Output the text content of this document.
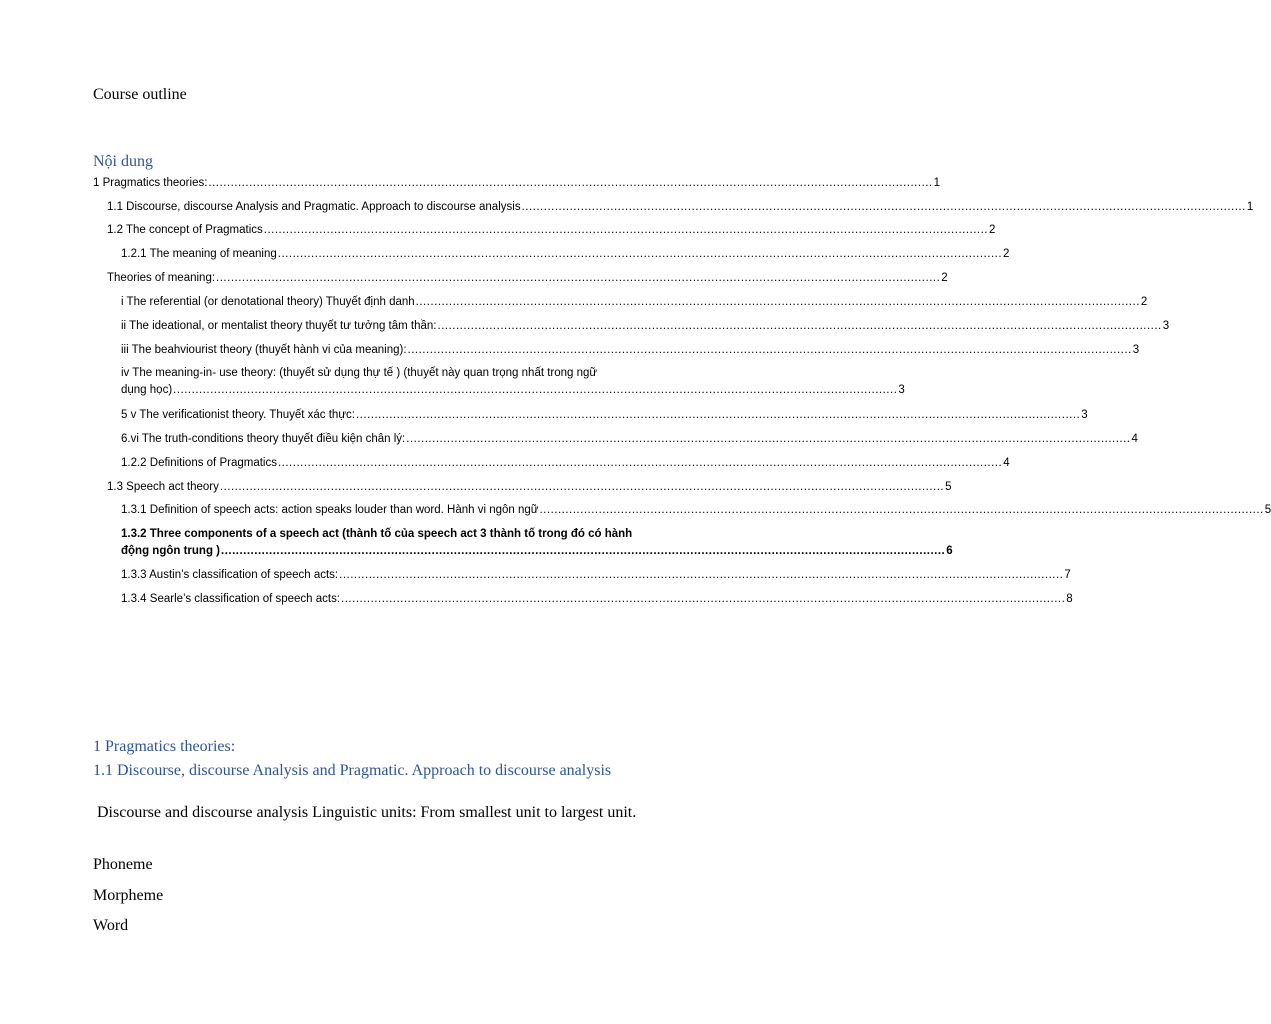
Course outline
Nội dung
1 Pragmatics theories: .................................................................................................................................................................................................... 1
1.1 Discourse, discourse Analysis and Pragmatic. Approach to discourse analysis .................................................................................................................................................................................................... 1
1.2 The concept of Pragmatics .................................................................................................................................................................................................... 2
1.2.1 The meaning of meaning .................................................................................................................................................................................................... 2
Theories of meaning: .................................................................................................................................................................................................... 2
i The referential (or denotational theory) Thuyết định danh .................................................................................................................................................................................................... 2
ii The ideational, or mentalist theory thuyết tư tưởng tâm thần: .................................................................................................................................................................................................... 3
iii The beahviourist theory (thuyết hành vi của meaning): .................................................................................................................................................................................................... 3
iv The meaning-in- use theory: (thuyết sử dụng thự tế ) (thuyết này quan trọng nhất trong ngữ
dụng học) .................................................................................................................................................................................................... 3
5 v The verificationist theory. Thuyết xác thực: .................................................................................................................................................................................................... 3
6.vi The truth-conditions theory thuyết điều kiện chân lý: .................................................................................................................................................................................................... 4
1.2.2 Definitions of Pragmatics .................................................................................................................................................................................................... 4
1.3 Speech act theory .................................................................................................................................................................................................... 5
1.3.1 Definition of speech acts: action speaks louder than word. Hành vi ngôn ngữ .................................................................................................................................................................................................... 5
1.3.2 Three components of a speech act (thành tố của speech act 3 thành tố trong đó có hành
động ngôn trung ) .................................................................................................................................................................................................... 6
1.3.3 Austin’s classification of speech acts: .................................................................................................................................................................................................... 7
1.3.4 Searle’s classification of speech acts: .................................................................................................................................................................................................... 8
1 Pragmatics theories:
1.1 Discourse, discourse Analysis and Pragmatic. Approach to discourse analysis
Discourse and discourse analysis Linguistic units: From smallest unit to largest unit.
Phoneme
Morpheme
Word
